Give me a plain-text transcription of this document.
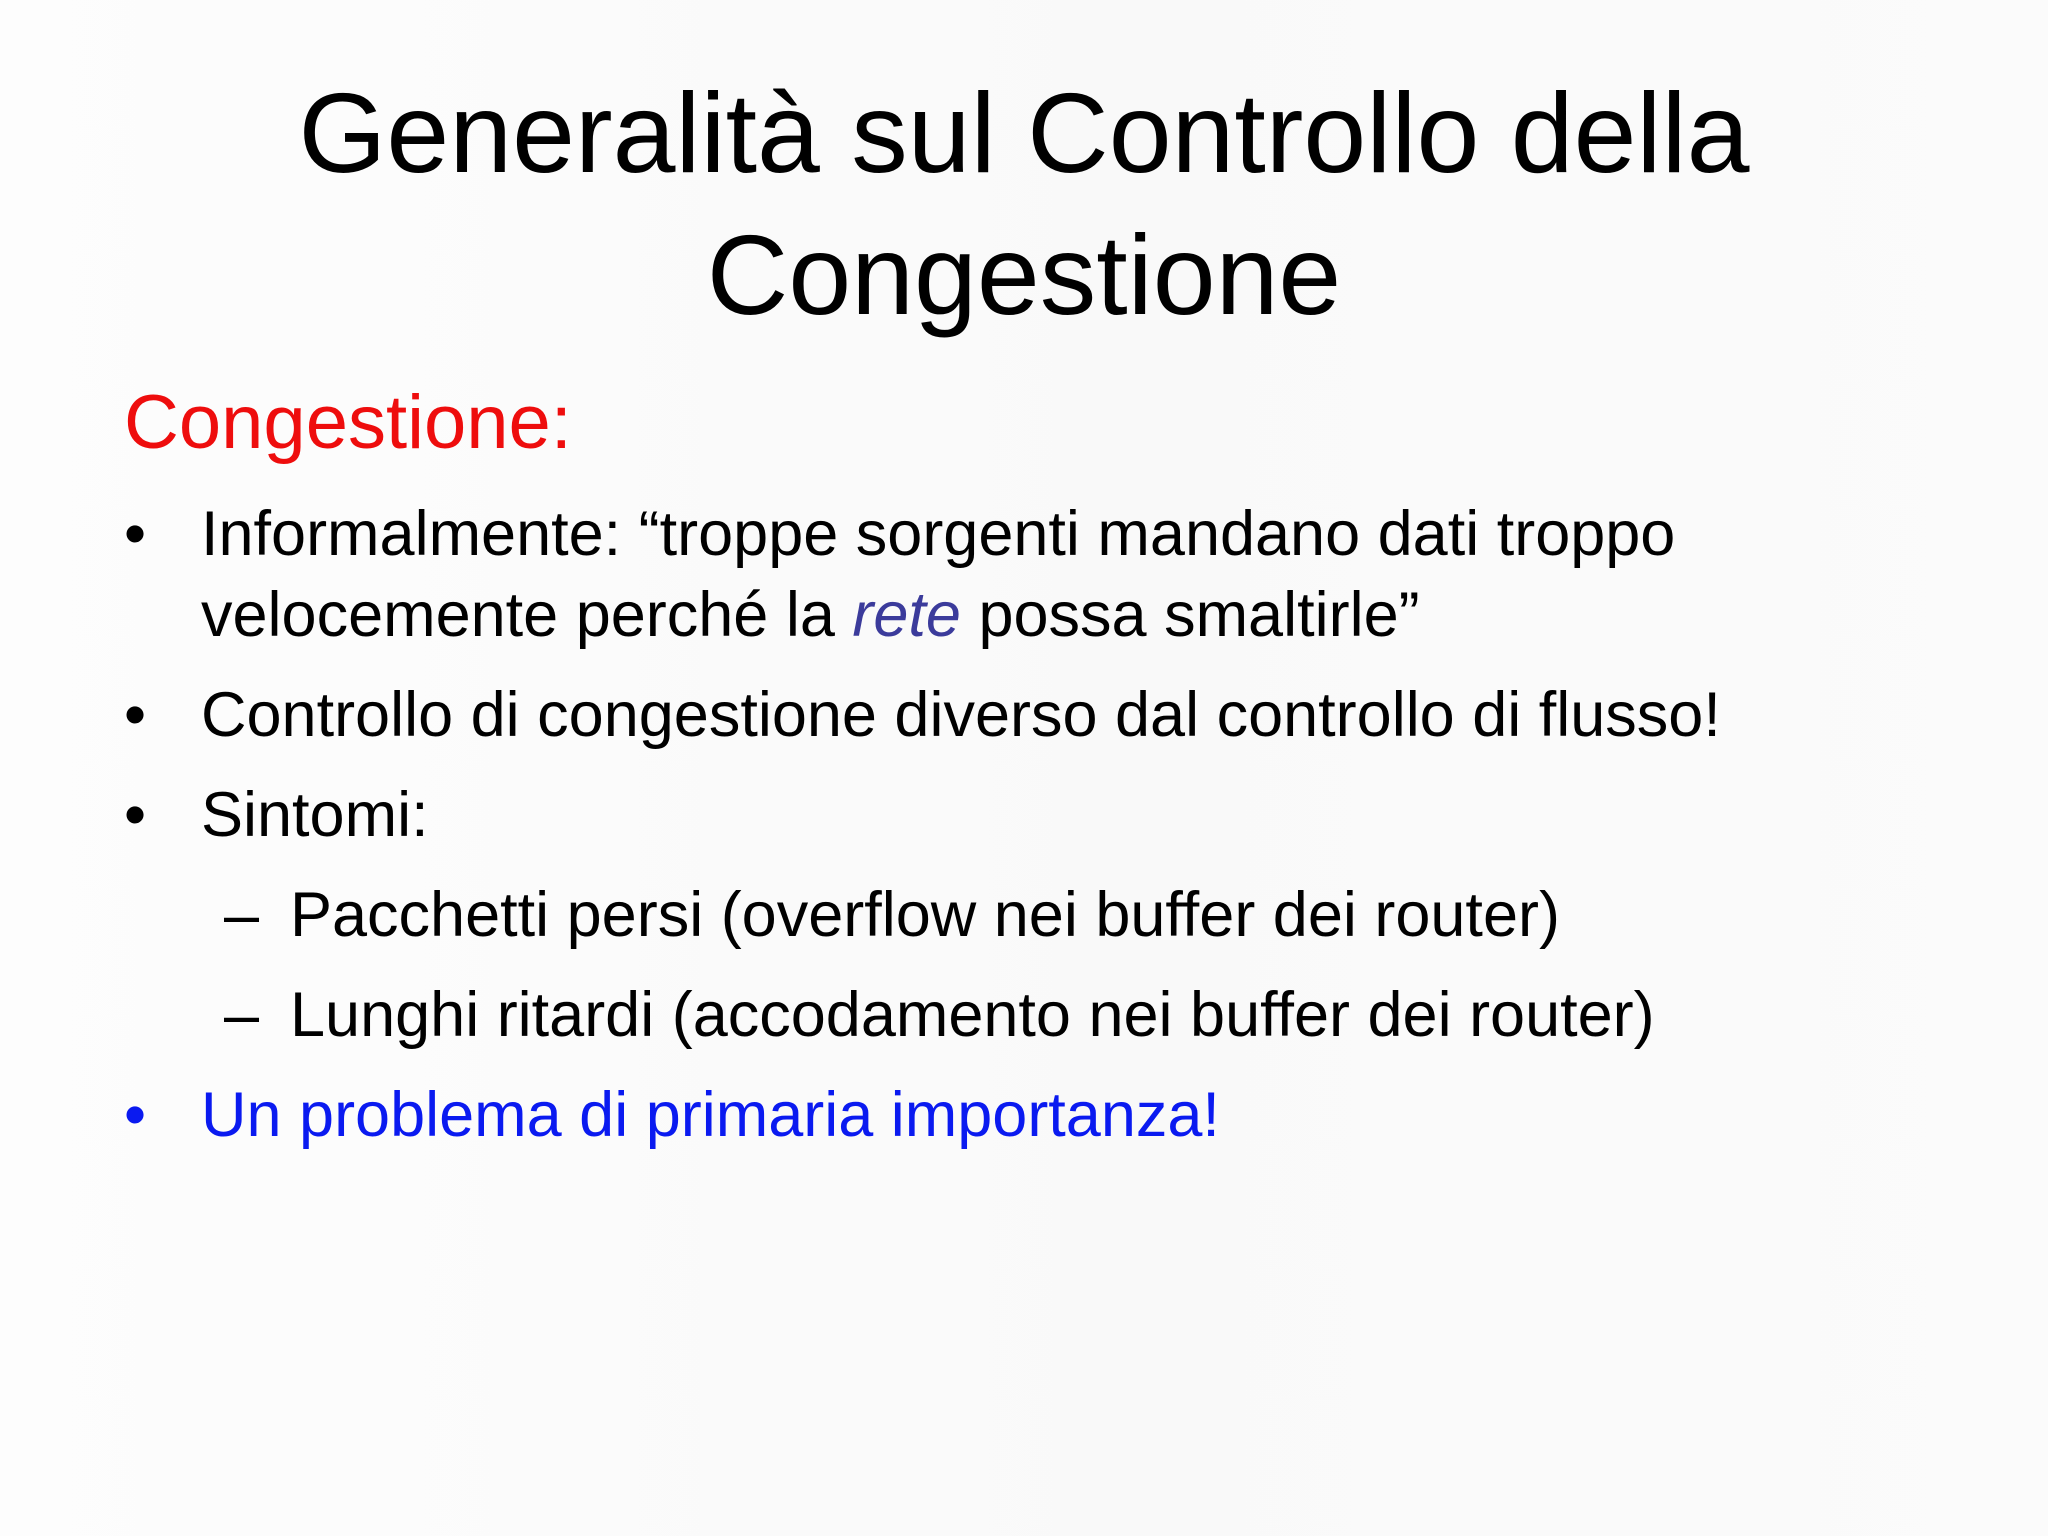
Generalità sul Controllo della
Congestione
Congestione:
• Informalmente: “troppe sorgenti mandano dati troppo
velocemente perché la rete possa smaltirle”
• Controllo di congestione diverso dal controllo di flusso!
• Sintomi:
– Pacchetti persi (overflow nei buffer dei router)
– Lunghi ritardi (accodamento nei buffer dei router)
• Un problema di primaria importanza!
